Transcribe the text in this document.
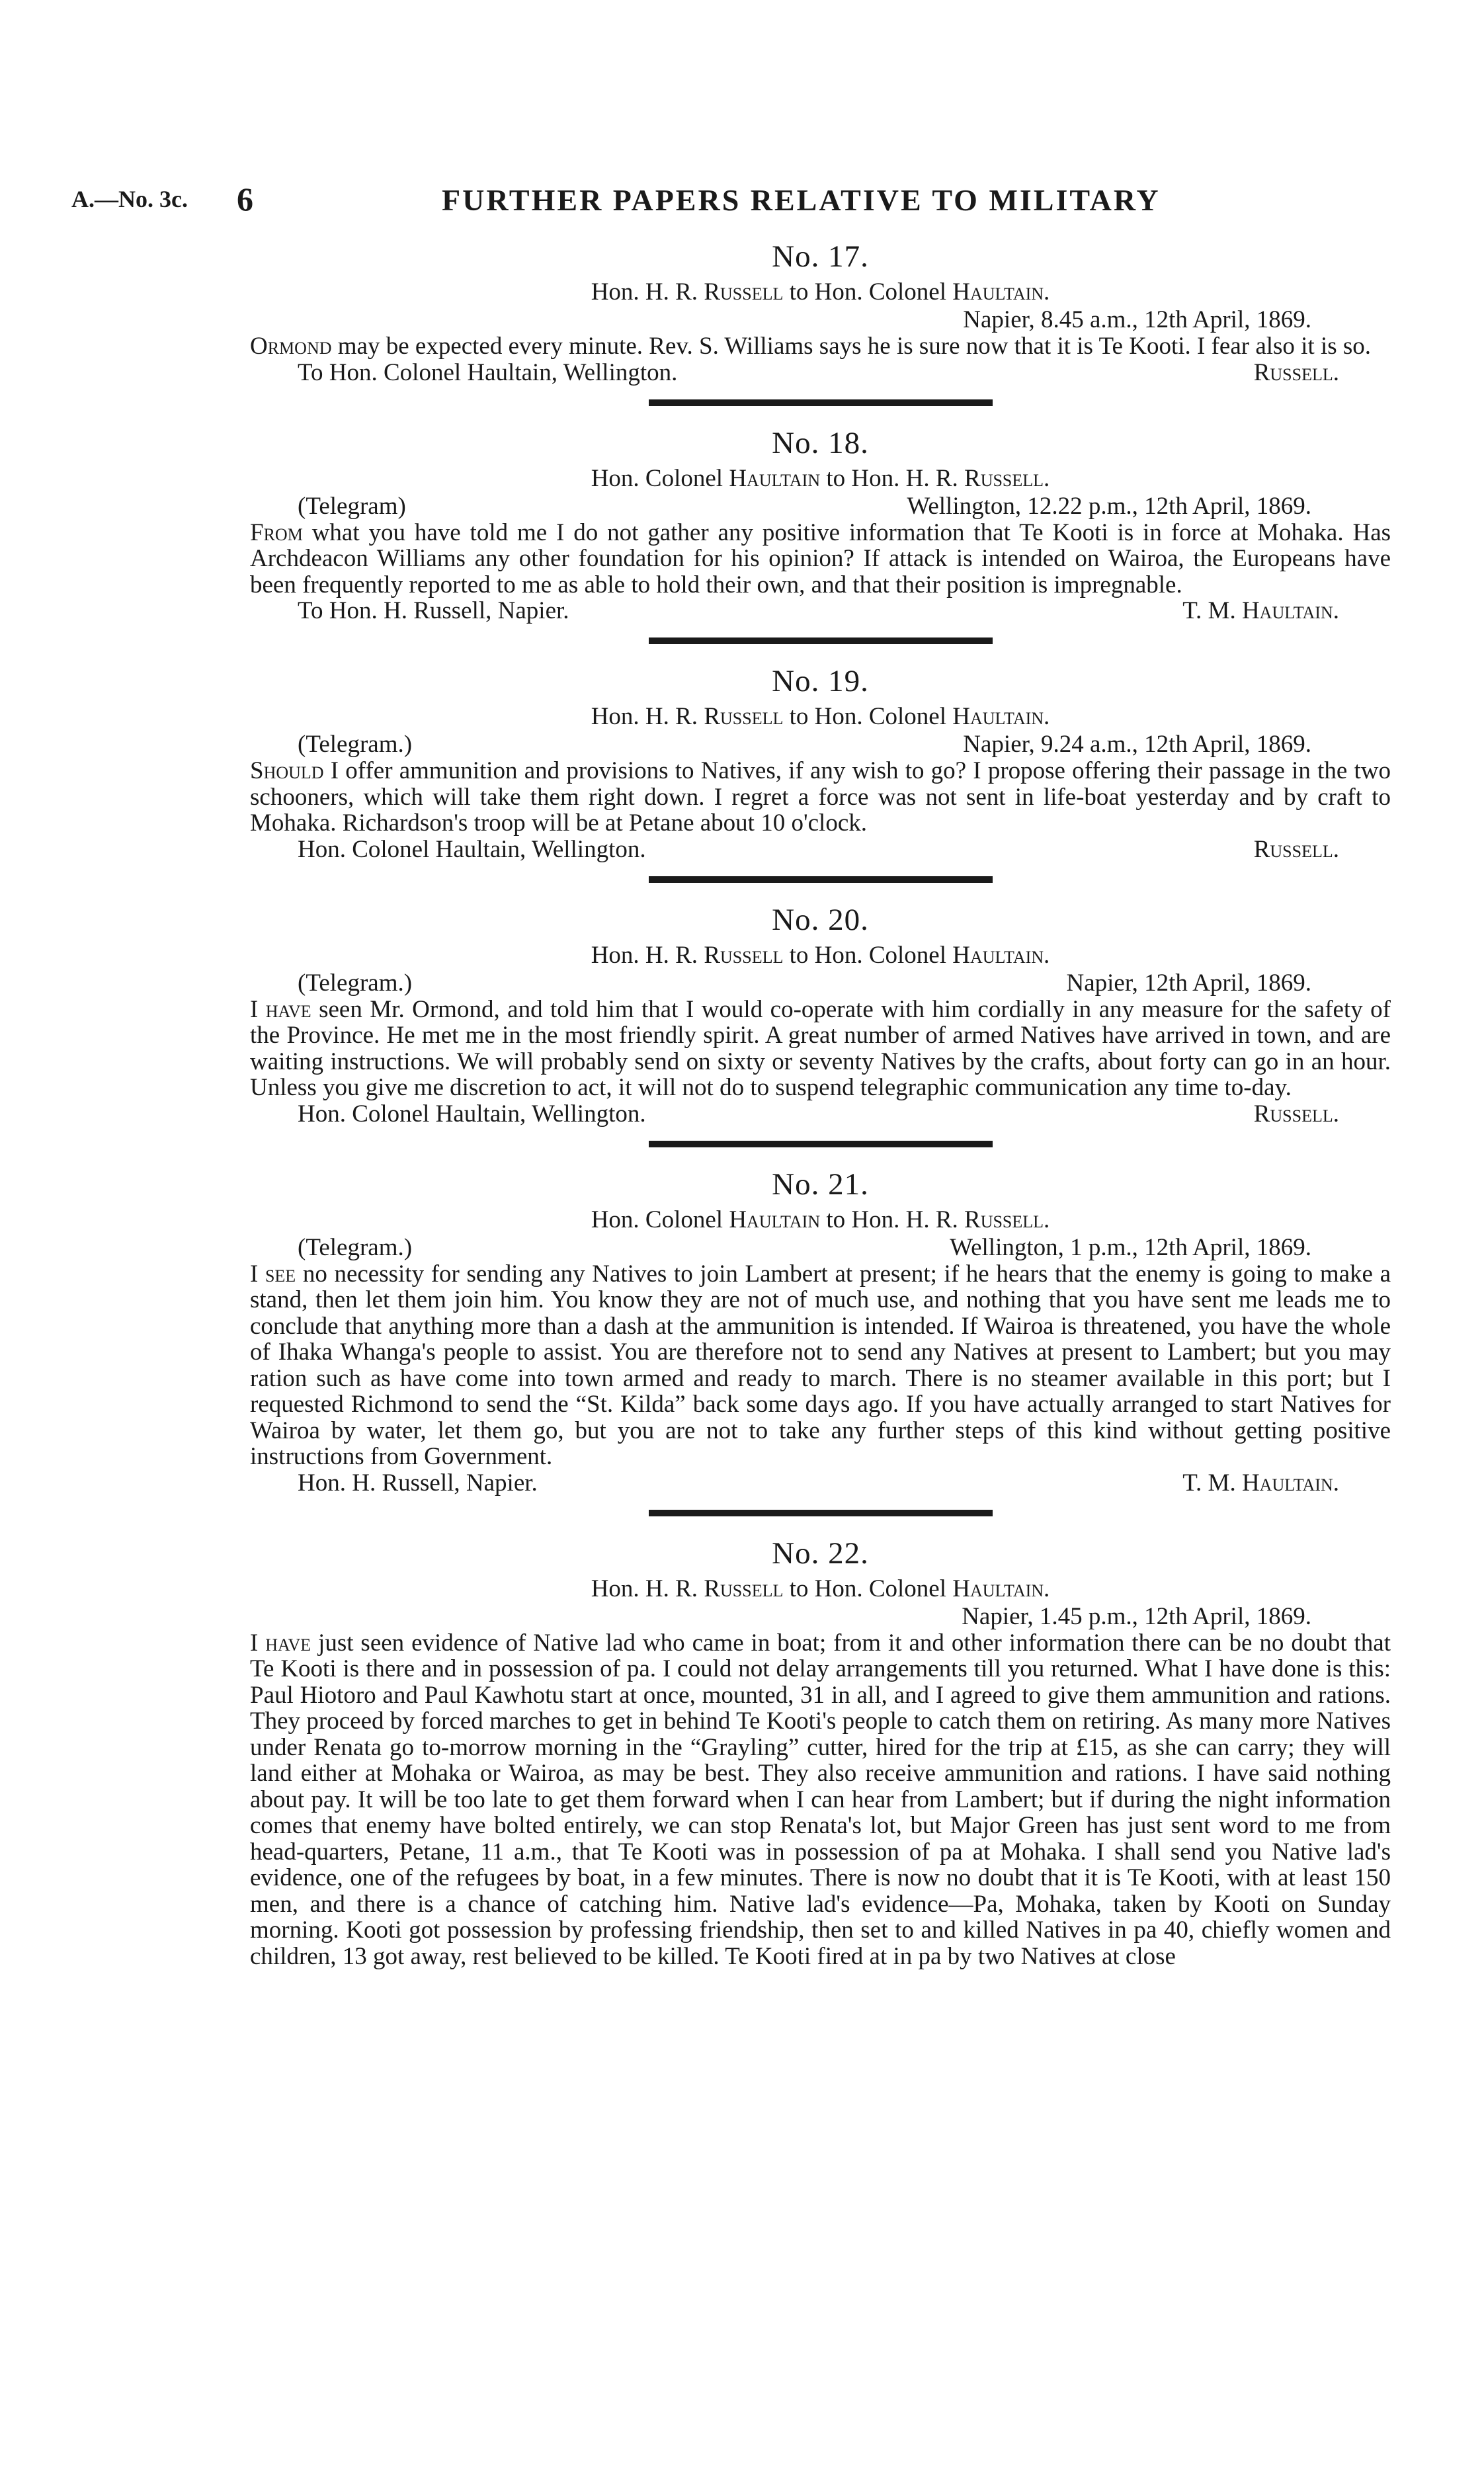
A.—No. 3c. 6	FURTHER PAPERS RELATIVE TO MILITARY
No. 17.
Hon. H. R. Russell to Hon. Colonel Haultain.
Napier, 8.45 a.m., 12th April, 1869.

Ormond may be expected every minute. Rev. S. Williams says he is sure now that it is Te Kooti. I fear also it is so.

To Hon. Colonel Haultain, Wellington.	Russell.
No. 18.
Hon. Colonel Haultain to Hon. H. R. Russell.
(Telegram)	Wellington, 12.22 p.m., 12th April, 1869.

From what you have told me I do not gather any positive information that Te Kooti is in force at Mohaka. Has Archdeacon Williams any other foundation for his opinion? If attack is intended on Wairoa, the Europeans have been frequently reported to me as able to hold their own, and that their position is impregnable.

To Hon. H. Russell, Napier.	T. M. Haultain.
No. 19.
Hon. H. R. Russell to Hon. Colonel Haultain.
(Telegram.)	Napier, 9.24 a.m., 12th April, 1869.

Should I offer ammunition and provisions to Natives, if any wish to go? I propose offering their passage in the two schooners, which will take them right down. I regret a force was not sent in life-boat yesterday and by craft to Mohaka. Richardson's troop will be at Petane about 10 o'clock.

Hon. Colonel Haultain, Wellington.	Russell.
No. 20.
Hon. H. R. Russell to Hon. Colonel Haultain.
(Telegram.)	Napier, 12th April, 1869.

I have seen Mr. Ormond, and told him that I would co-operate with him cordially in any measure for the safety of the Province. He met me in the most friendly spirit. A great number of armed Natives have arrived in town, and are waiting instructions. We will probably send on sixty or seventy Natives by the crafts, about forty can go in an hour. Unless you give me discretion to act, it will not do to suspend telegraphic communication any time to-day.

Hon. Colonel Haultain, Wellington.	Russell.
No. 21.
Hon. Colonel Haultain to Hon. H. R. Russell.
(Telegram.)	Wellington, 1 p.m., 12th April, 1869.

I see no necessity for sending any Natives to join Lambert at present; if he hears that the enemy is going to make a stand, then let them join him. You know they are not of much use, and nothing that you have sent me leads me to conclude that anything more than a dash at the ammunition is intended. If Wairoa is threatened, you have the whole of Ihaka Whanga's people to assist. You are therefore not to send any Natives at present to Lambert; but you may ration such as have come into town armed and ready to march. There is no steamer available in this port; but I requested Richmond to send the “St. Kilda” back some days ago. If you have actually arranged to start Natives for Wairoa by water, let them go, but you are not to take any further steps of this kind without getting positive instructions from Government.

Hon. H. Russell, Napier.	T. M. Haultain.
No. 22.
Hon. H. R. Russell to Hon. Colonel Haultain.
Napier, 1.45 p.m., 12th April, 1869.

I have just seen evidence of Native lad who came in boat; from it and other information there can be no doubt that Te Kooti is there and in possession of pa. I could not delay arrangements till you returned. What I have done is this: Paul Hiotoro and Paul Kawhotu start at once, mounted, 31 in all, and I agreed to give them ammunition and rations. They proceed by forced marches to get in behind Te Kooti's people to catch them on retiring. As many more Natives under Renata go to-morrow morning in the “Grayling” cutter, hired for the trip at £15, as she can carry; they will land either at Mohaka or Wairoa, as may be best. They also receive ammunition and rations. I have said nothing about pay. It will be too late to get them forward when I can hear from Lambert; but if during the night information comes that enemy have bolted entirely, we can stop Renata's lot, but Major Green has just sent word to me from head-quarters, Petane, 11 a.m., that Te Kooti was in possession of pa at Mohaka. I shall send you Native lad's evidence, one of the refugees by boat, in a few minutes. There is now no doubt that it is Te Kooti, with at least 150 men, and there is a chance of catching him. Native lad's evidence—Pa, Mohaka, taken by Kooti on Sunday morning. Kooti got possession by professing friendship, then set to and killed Natives in pa 40, chiefly women and children, 13 got away, rest believed to be killed. Te Kooti fired at in pa by two Natives at close
